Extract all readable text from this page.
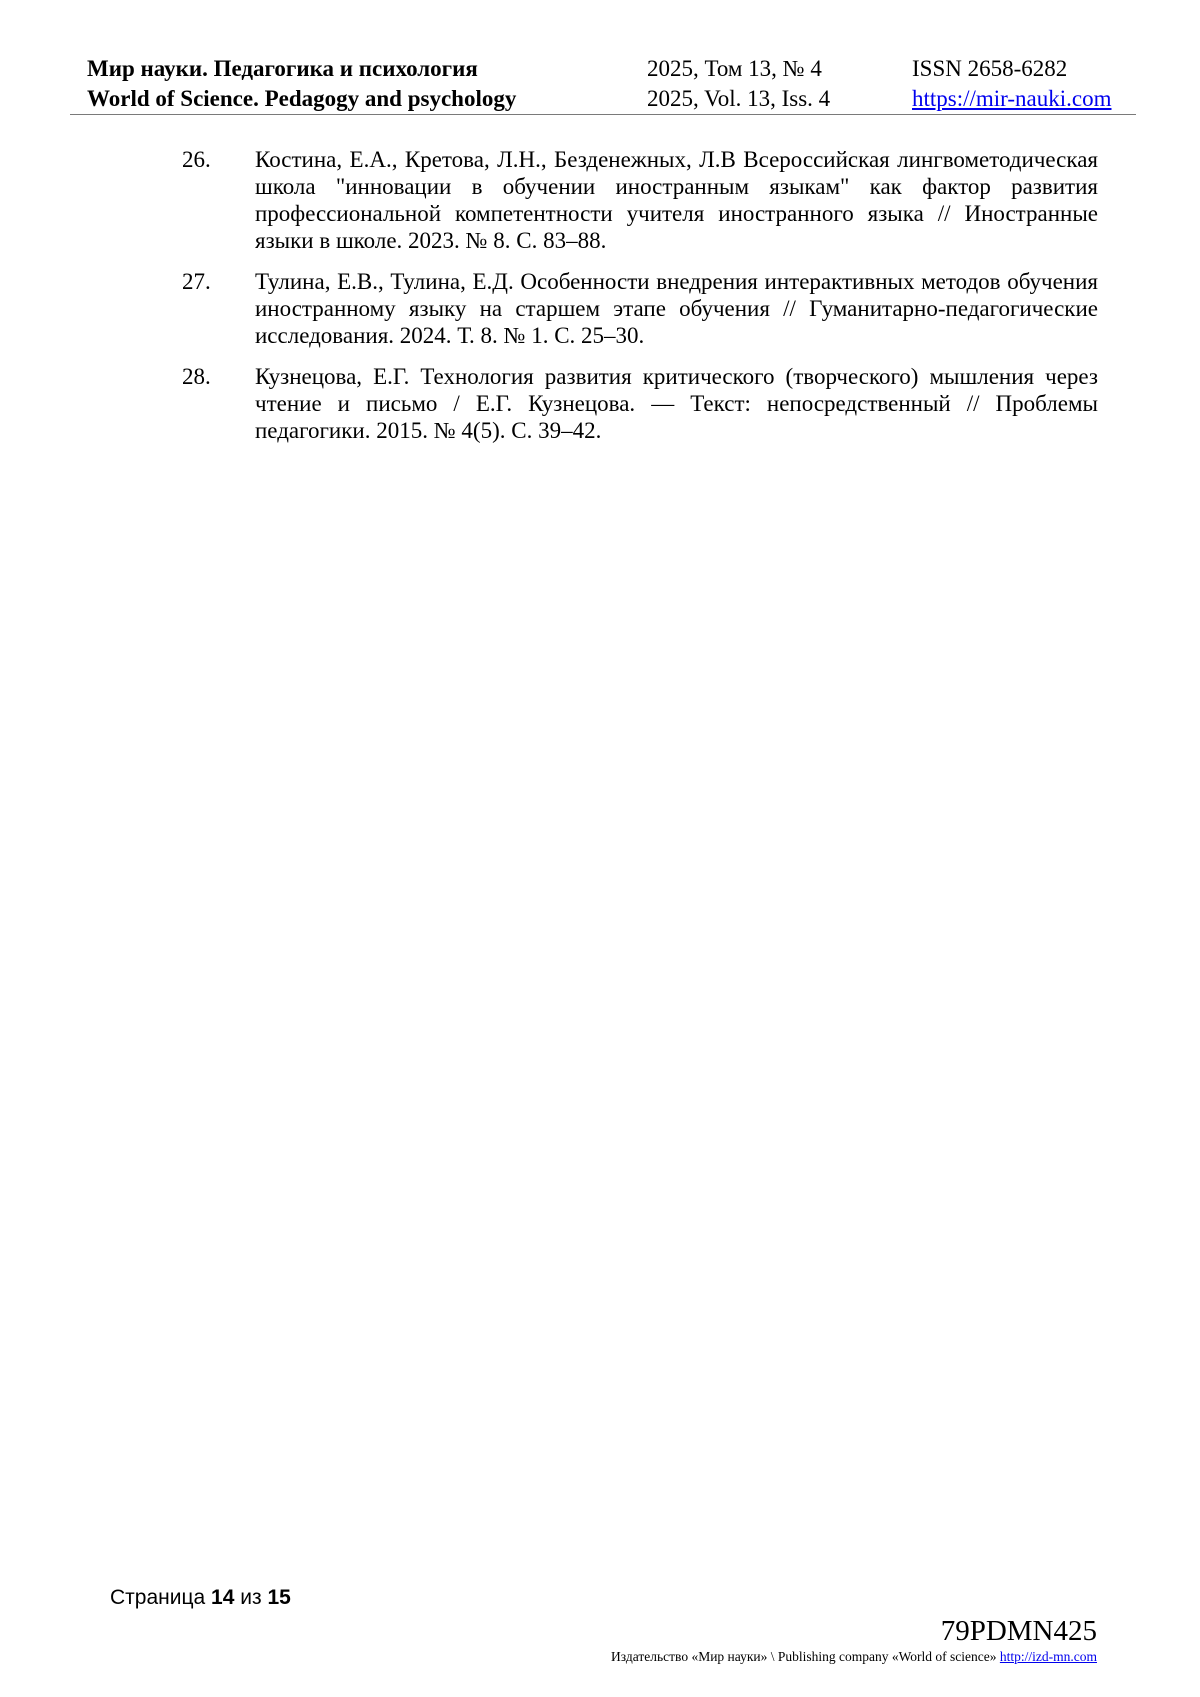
Мир науки. Педагогика и психология
World of Science. Pedagogy and psychology
2025, Том 13, № 4
2025, Vol. 13, Iss. 4
ISSN 2658-6282
https://mir-nauki.com
26.	Костина, Е.А., Кретова, Л.Н., Безденежных, Л.В Всероссийская лингвометодическая школа "инновации в обучении иностранным языкам" как фактор развития профессиональной компетентности учителя иностранного языка // Иностранные языки в школе. 2023. № 8. С. 83–88.
27.	Тулина, Е.В., Тулина, Е.Д. Особенности внедрения интерактивных методов обучения иностранному языку на старшем этапе обучения // Гуманитарно-педагогические исследования. 2024. Т. 8. № 1. С. 25–30.
28.	Кузнецова, Е.Г. Технология развития критического (творческого) мышления через чтение и письмо / Е.Г. Кузнецова. — Текст: непосредственный // Проблемы педагогики. 2015. № 4(5). С. 39–42.
Страница 14 из 15
79PDMN425
Издательство «Мир науки» \ Publishing company «World of science» http://izd-mn.com
